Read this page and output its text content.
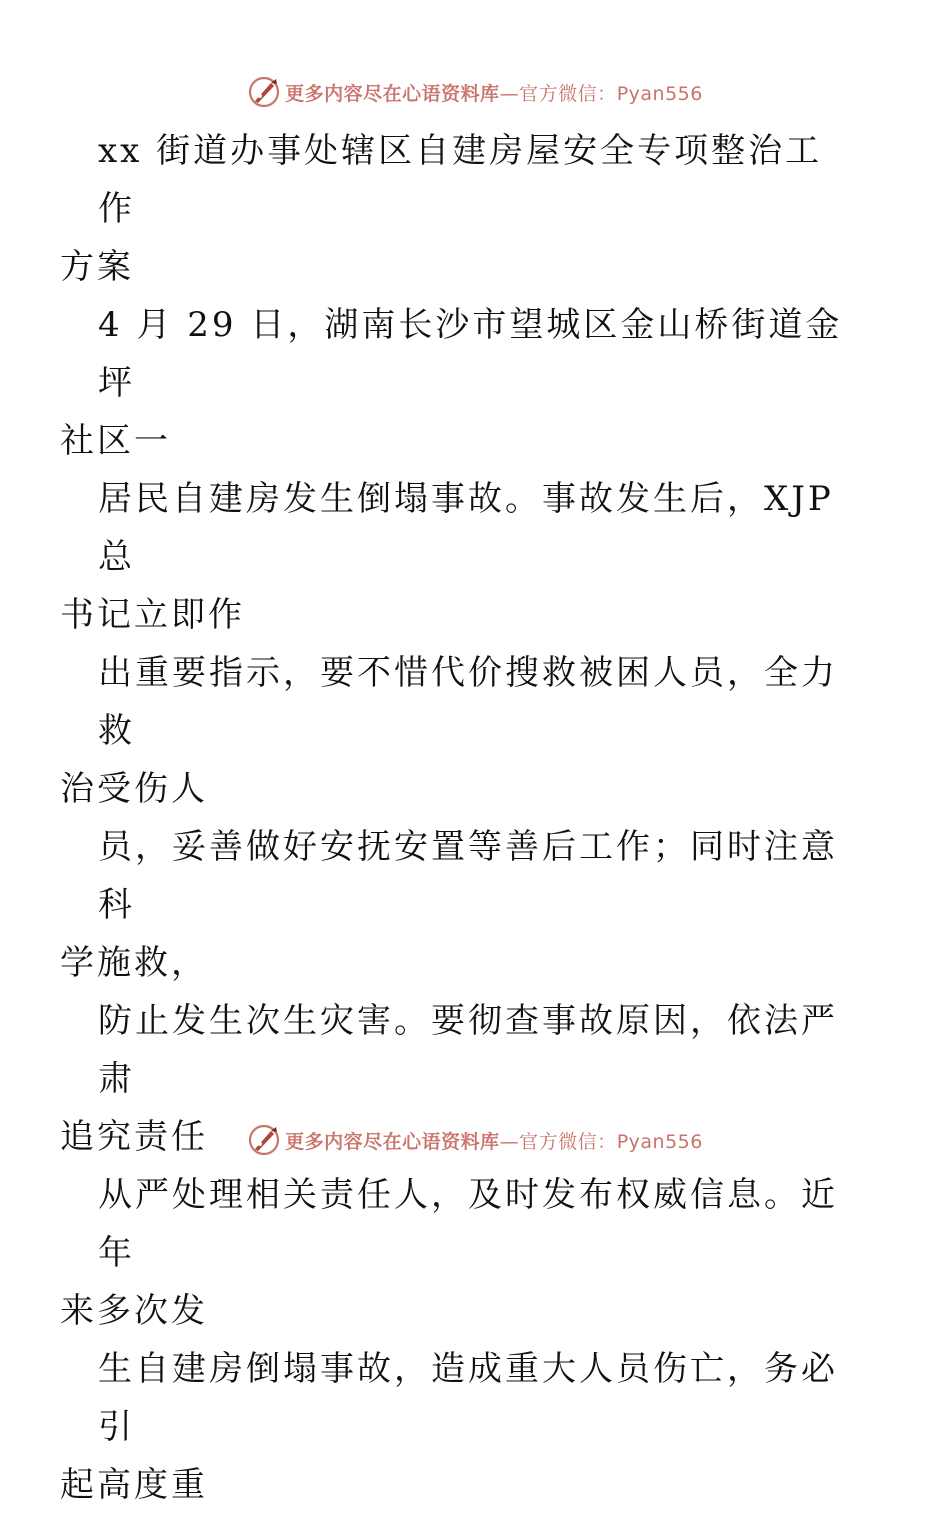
更多内容尽在心语资料库—官方微信：Pyan556

xx 街道办事处辖区自建房屋安全专项整治工作
方案

4 月 29 日，湖南长沙市望城区金山桥街道金坪
社区一

居民自建房发生倒塌事故。事故发生后，XJP 总
书记立即作

出重要指示，要不惜代价搜救被困人员，全力救
治受伤人

员，妥善做好安抚安置等善后工作；同时注意科
学施救，

防止发生次生灾害。要彻查事故原因，依法严肃
追究责任

从严处理相关责任人，及时发布权威信息。近年
来多次发

生自建房倒塌事故，造成重大人员伤亡，务必引
起高度重

更多内容尽在心语资料库—官方微信：Pyan556
